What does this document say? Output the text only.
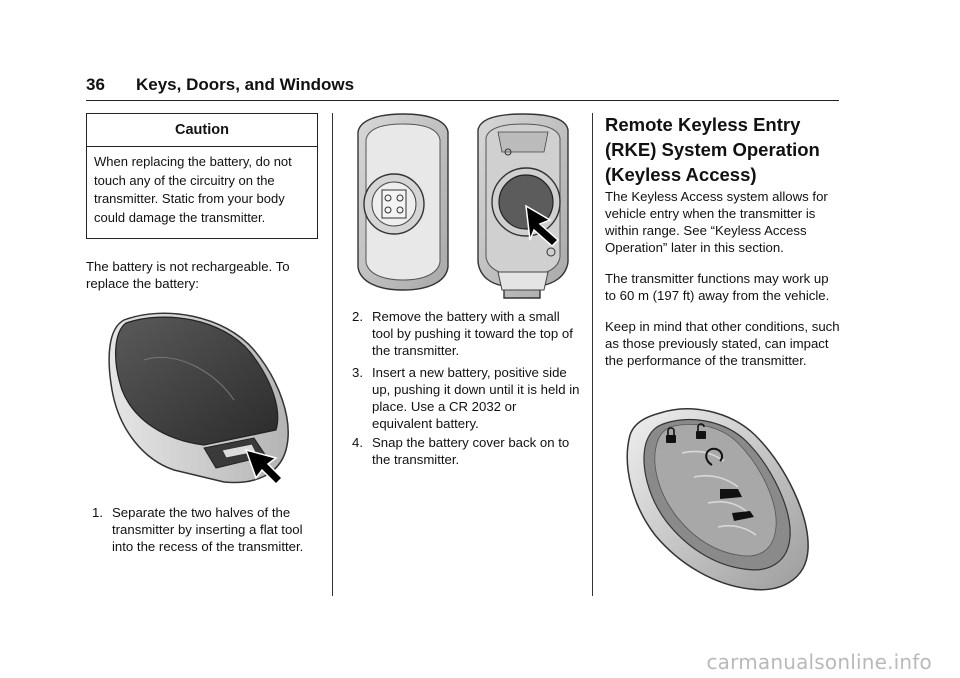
36 Keys, Doors, and Windows
Caution
When replacing the battery, do not touch any of the circuitry on the transmitter. Static from your body could damage the transmitter.
The battery is not rechargeable. To replace the battery:
1. Separate the two halves of the transmitter by inserting a flat tool into the recess of the transmitter.
2. Remove the battery with a small tool by pushing it toward the top of the transmitter.
3. Insert a new battery, positive side up, pushing it down until it is held in place. Use a CR 2032 or equivalent battery.
4. Snap the battery cover back on to the transmitter.
Remote Keyless Entry (RKE) System Operation (Keyless Access)
The Keyless Access system allows for vehicle entry when the transmitter is within range. See “Keyless Access Operation” later in this section.
The transmitter functions may work up to 60 m (197 ft) away from the vehicle.
Keep in mind that other conditions, such as those previously stated, can impact the performance of the transmitter.
carmanualsonline.info
